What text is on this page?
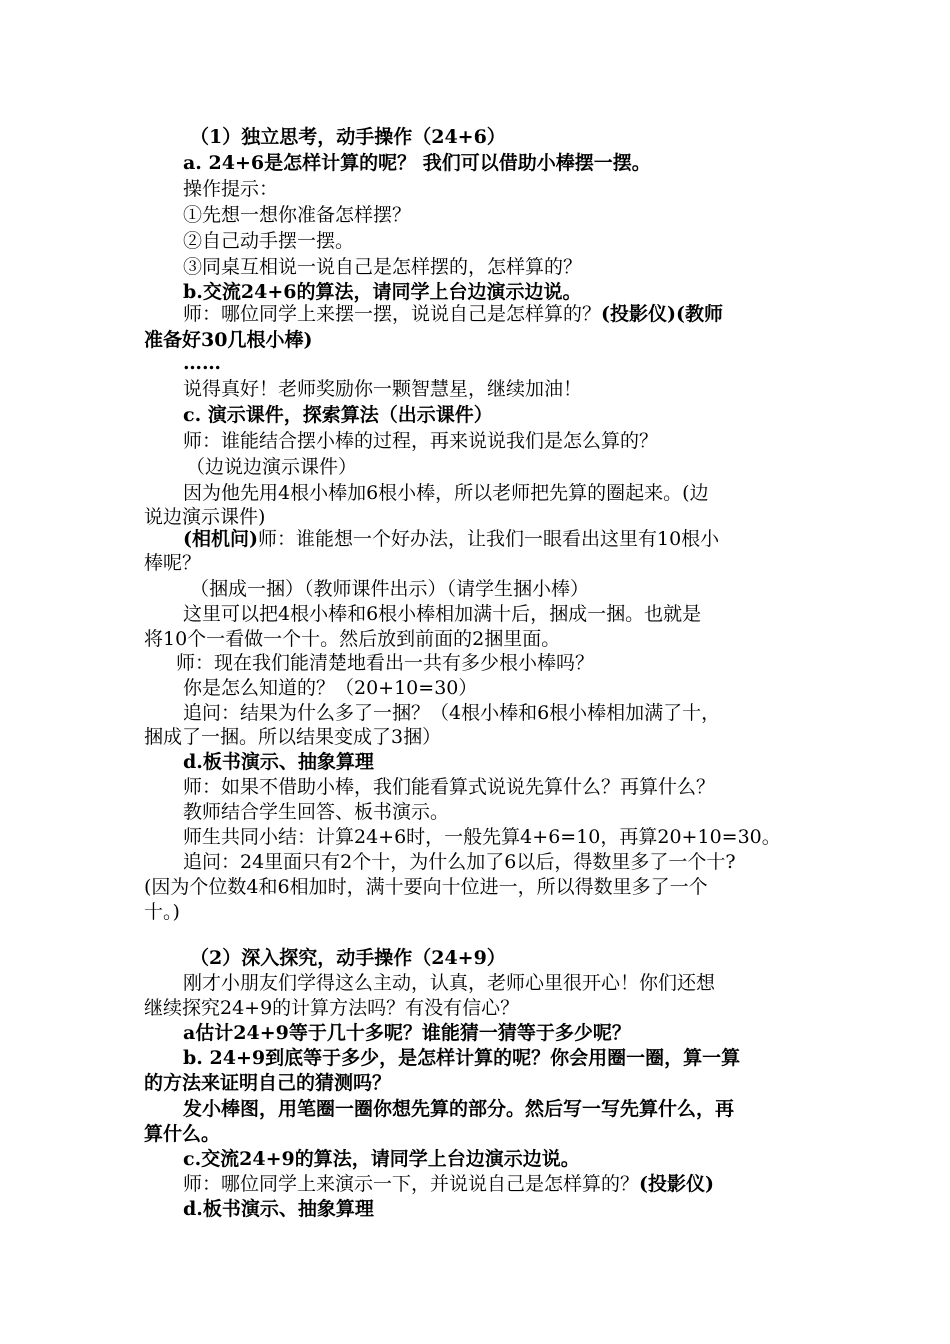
（1）独立思考，动手操作（24+6）
a. 24+6是怎样计算的呢？ 我们可以借助小棒摆一摆。
操作提示：
①先想一想你准备怎样摆？
②自己动手摆一摆。
③同桌互相说一说自己是怎样摆的，怎样算的？
b.交流24+6的算法，请同学上台边演示边说。
师：哪位同学上来摆一摆，说说自己是怎样算的？(投影仪)(教师
准备好30几根小棒)
……
说得真好！老师奖励你一颗智慧星，继续加油！
c. 演示课件，探索算法（出示课件）
师：谁能结合摆小棒的过程，再来说说我们是怎么算的？
（边说边演示课件）
因为他先用4根小棒加6根小棒，所以老师把先算的圈起来。(边
说边演示课件)
(相机问)师：谁能想一个好办法，让我们一眼看出这里有10根小
棒呢？
（捆成一捆）（教师课件出示）（请学生捆小棒）
这里可以把4根小棒和6根小棒相加满十后，捆成一捆。也就是
将10个一看做一个十。然后放到前面的2捆里面。
师：现在我们能清楚地看出一共有多少根小棒吗？
你是怎么知道的？（20+10=30）
追问：结果为什么多了一捆？（4根小棒和6根小棒相加满了十，
捆成了一捆。所以结果变成了3捆）
d.板书演示、抽象算理
师：如果不借助小棒，我们能看算式说说先算什么？再算什么？
教师结合学生回答、板书演示。
师生共同小结：计算24+6时，一般先算4+6=10，再算20+10=30。
追问：24里面只有2个十，为什么加了6以后，得数里多了一个十?
(因为个位数4和6相加时，满十要向十位进一，所以得数里多了一个
十。)
（2）深入探究，动手操作（24+9）
刚才小朋友们学得这么主动，认真，老师心里很开心！你们还想
继续探究24+9的计算方法吗？有没有信心？
a估计24+9等于几十多呢？谁能猜一猜等于多少呢？
b. 24+9到底等于多少，是怎样计算的呢？你会用圈一圈，算一算
的方法来证明自己的猜测吗？
发小棒图，用笔圈一圈你想先算的部分。然后写一写先算什么，再
算什么。
c.交流24+9的算法，请同学上台边演示边说。
师：哪位同学上来演示一下，并说说自己是怎样算的？(投影仪)
d.板书演示、抽象算理
